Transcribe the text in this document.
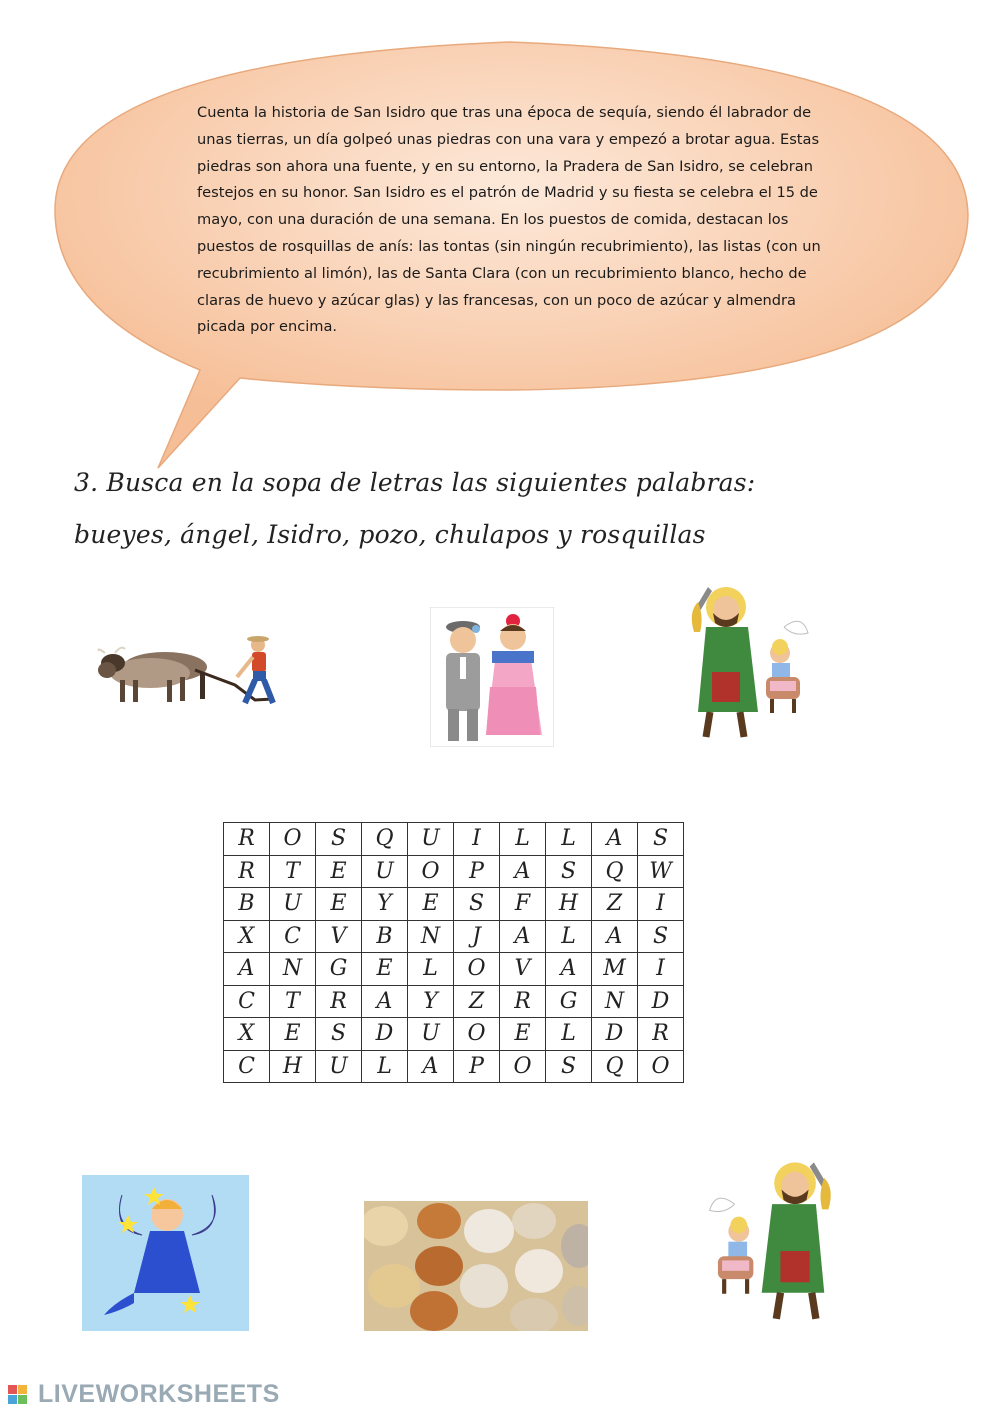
Cuenta la historia de San Isidro que tras una época de sequía, siendo él labrador de unas tierras, un día golpeó unas piedras con una vara y empezó a brotar agua. Estas piedras son ahora una fuente, y en su entorno, la Pradera de San Isidro, se celebran festejos en su honor. San Isidro es el patrón de Madrid y su fiesta se celebra el 15 de mayo, con una duración de una semana. En los puestos de comida, destacan los puestos de rosquillas de anís: las tontas (sin ningún recubrimiento), las listas (con un recubrimiento al limón), las de Santa Clara (con un recubrimiento blanco, hecho de claras de huevo y azúcar glas) y las francesas, con un poco de azúcar y almendra picada por encima.
3. Busca en la sopa de letras las siguientes palabras:
bueyes, ángel, Isidro, pozo, chulapos y rosquillas
R	O	S	Q	U	I	L	L	A	S
R	T	E	U	O	P	A	S	Q	W
B	U	E	Y	E	S	F	H	Z	I
X	C	V	B	N	J	A	L	A	S
A	N	G	E	L	O	V	A	M	I
C	T	R	A	Y	Z	R	G	N	D
X	E	S	D	U	O	E	L	D	R
C	H	U	L	A	P	O	S	Q	O
LIVEWORKSHEETS
